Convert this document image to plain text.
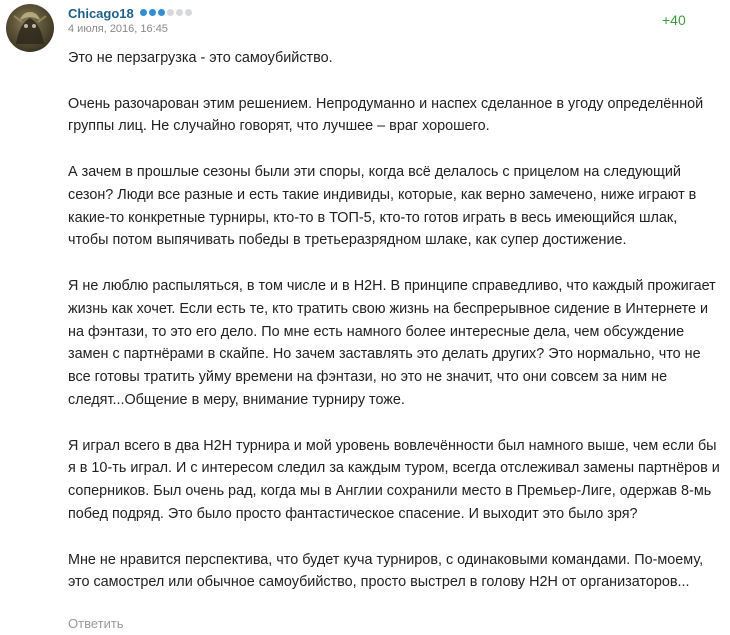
Chicago18
4 июля, 2016, 16:45
+40

Это не перзагрузка - это самоубийство.

Очень разочарован этим решением. Непродуманно и наспех сделанное в угоду определённой группы лиц. Не случайно говорят, что лучшее – враг хорошего.

А зачем в прошлые сезоны были эти споры, когда всё делалось с прицелом на следующий сезон? Люди все разные и есть такие индивиды, которые, как верно замечено, ниже играют в какие-то конкретные турниры, кто-то в ТОП-5, кто-то готов играть в весь имеющийся шлак, чтобы потом выпячивать победы в третьеразрядном шлаке, как супер достижение.

Я не люблю распыляться, в том числе и в H2H. В принципе справедливо, что каждый прожигает жизнь как хочет. Если есть те, кто тратить свою жизнь на беспрерывное сидение в Интернете и на фэнтази, то это его дело. По мне есть намного более интересные дела, чем обсуждение замен с партнёрами в скайпе. Но зачем заставлять это делать других? Это нормально, что не все готовы тратить уйму времени на фэнтази, но это не значит, что они совсем за ним не следят...Общение в меру, внимание турниру тоже.

Я играл всего в два H2H турнира и мой уровень вовлечённости был намного выше, чем если бы я в 10-ть играл. И с интересом следил за каждым туром, всегда отслеживал замены партнёров и соперников. Был очень рад, когда мы в Англии сохранили место в Премьер-Лиге, одержав 8-мь побед подряд. Это было просто фантастическое спасение. И выходит это было зря?

Мне не нравится перспектива, что будет куча турниров, с одинаковыми командами. По-моему, это самострел или обычное самоубийство, просто выстрел в голову H2H от организаторов...

Ответить
